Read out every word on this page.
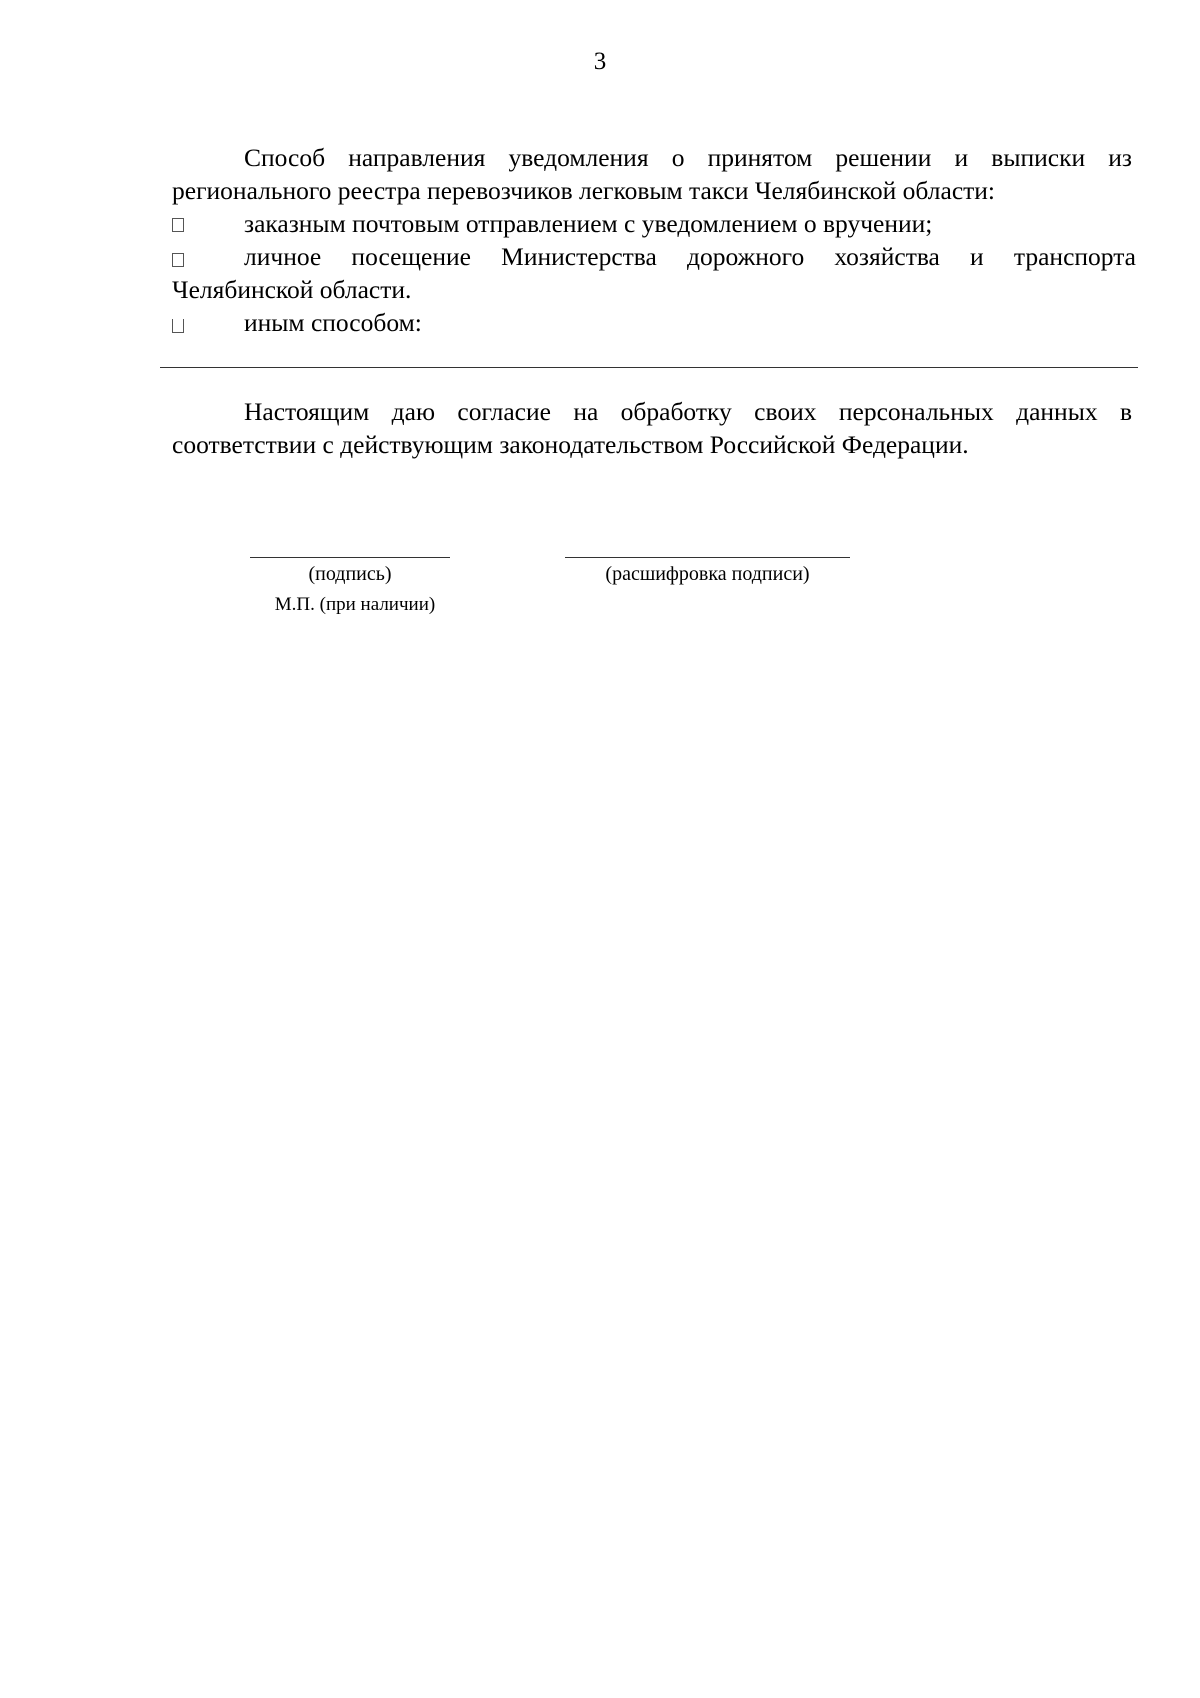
3

Способ направления уведомления о принятом решении и выписки из регионального реестра перевозчиков легковым такси Челябинской области:

заказным почтовым отправлением с уведомлением о вручении;
личное посещение Министерства дорожного хозяйства и транспорта Челябинской области.
иным способом:

Настоящим даю согласие на обработку своих персональных данных в соответствии с действующим законодательством Российской Федерации.

(подпись)	(расшифровка подписи)
М.П. (при наличии)
